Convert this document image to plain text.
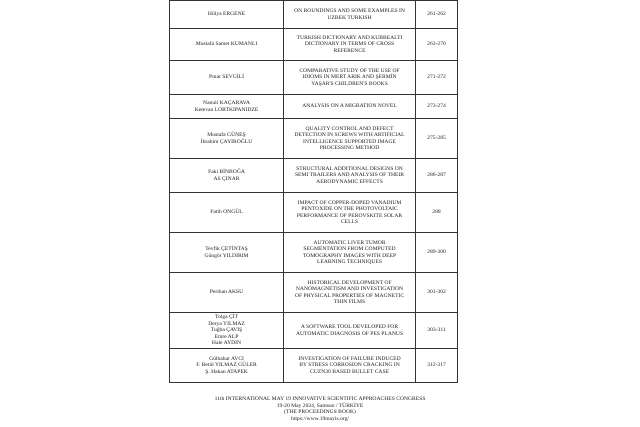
Hülya ERGENE	ON ROUNDINGS AND SOME EXAMPLES IN
UZBEK TURKISH	261-262

Mustafa Samet KUMANLI	TURKISH DICTIONARY AND KUBBEALTI
DICTIONARY IN TERMS OF CROSS
REFERENCE	263-270

Pınar SEVGİLİ	COMPARATIVE STUDY OF THE USE OF
IDIOMS IN MERT ARIK AND ŞERMİN
YAŞAR'S CHILDREN'S BOOKS	271-272

Nanuli KAÇARAVA
Ketevan LORTKIPANIDZE	ANALYSIS ON A MIGRATION NOVEL	273-274

Mustafa GÜNEŞ
İbrahim ÇAYIROĞLU	QUALITY CONTROL AND DEFECT
DETECTION IN SCREWS WITH ARTIFICIAL
INTELLIGENCE SUPPORTED IMAGE
PROCESSING METHOD	275-285

Faki BİNBOĞA
Ali ÇINAR	STRUCTURAL ADDITIONAL DESIGNS ON
SEMI TRAILERS AND ANALYSIS OF THEIR
AERODYNAMIC EFFECTS	286-287

Fatih ONGÜL	IMPACT OF COPPER-DOPED VANADIUM
PENTOXIDE ON THE PHOTOVOLTAIC
PERFORMANCE OF PEROVSKITE SOLAR
CELLS	288

Tevfik ÇETİNTAŞ
Güngör YILDIRIM	AUTOMATIC LIVER TUMOR
SEGMENTATION FROM COMPUTED
TOMOGRAPHY IMAGES WITH DEEP
LEARNING TECHNIQUES	289-300

Perihan AKSU	HISTORICAL DEVELOPMENT OF
NANOMAGNETISM AND INVESTIGATION
OF PHYSICAL PROPERTIES OF MAGNETIC
THIN FILMS	301-302

Tolga ÇİT
Derya YILMAZ
Tuğba ÇAVIŞ
Emre ALP
Hale AYDIN	A SOFTWARE TOOL DEVELOPED FOR
AUTOMATIC DIAGNOSIS OF PES PLANUS	303-311

Gülbahar AVCI
F. Betül YILMAZ GÜLER
Ş. Hakan ATAPEK	INVESTIGATION OF FAILURE INDUCED
BY STRESS CORROSION CRACKING IN
CUZN30 BASED BULLET CASE	312-317
11th INTERNATIONAL MAY 19 INNOVATIVE SCIENTIFIC APPROACHES CONGRESS
19-20 May 2024, Samsun / TÜRKİYE
(THE PROCEEDINGS BOOK)
https://www.19mayis.org/
